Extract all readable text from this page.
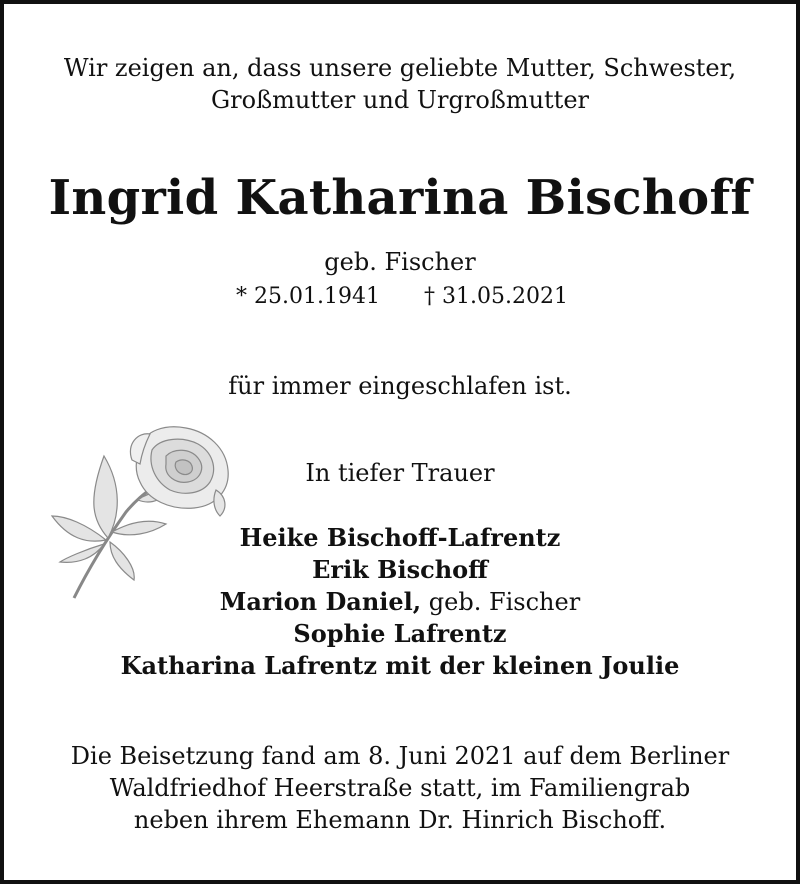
Wir zeigen an, dass unsere geliebte Mutter, Schwester,
Großmutter und Urgroßmutter
Ingrid Katharina Bischoff
geb. Fischer
* 25.01.1941 † 31.05.2021
für immer eingeschlafen ist.
In tiefer Trauer
Heike Bischoff-Lafrentz
Erik Bischoff
Marion Daniel, geb. Fischer
Sophie Lafrentz
Katharina Lafrentz mit der kleinen Joulie
Die Beisetzung fand am 8. Juni 2021 auf dem Berliner
Waldfriedhof Heerstraße statt, im Familiengrab
neben ihrem Ehemann Dr. Hinrich Bischoff.
